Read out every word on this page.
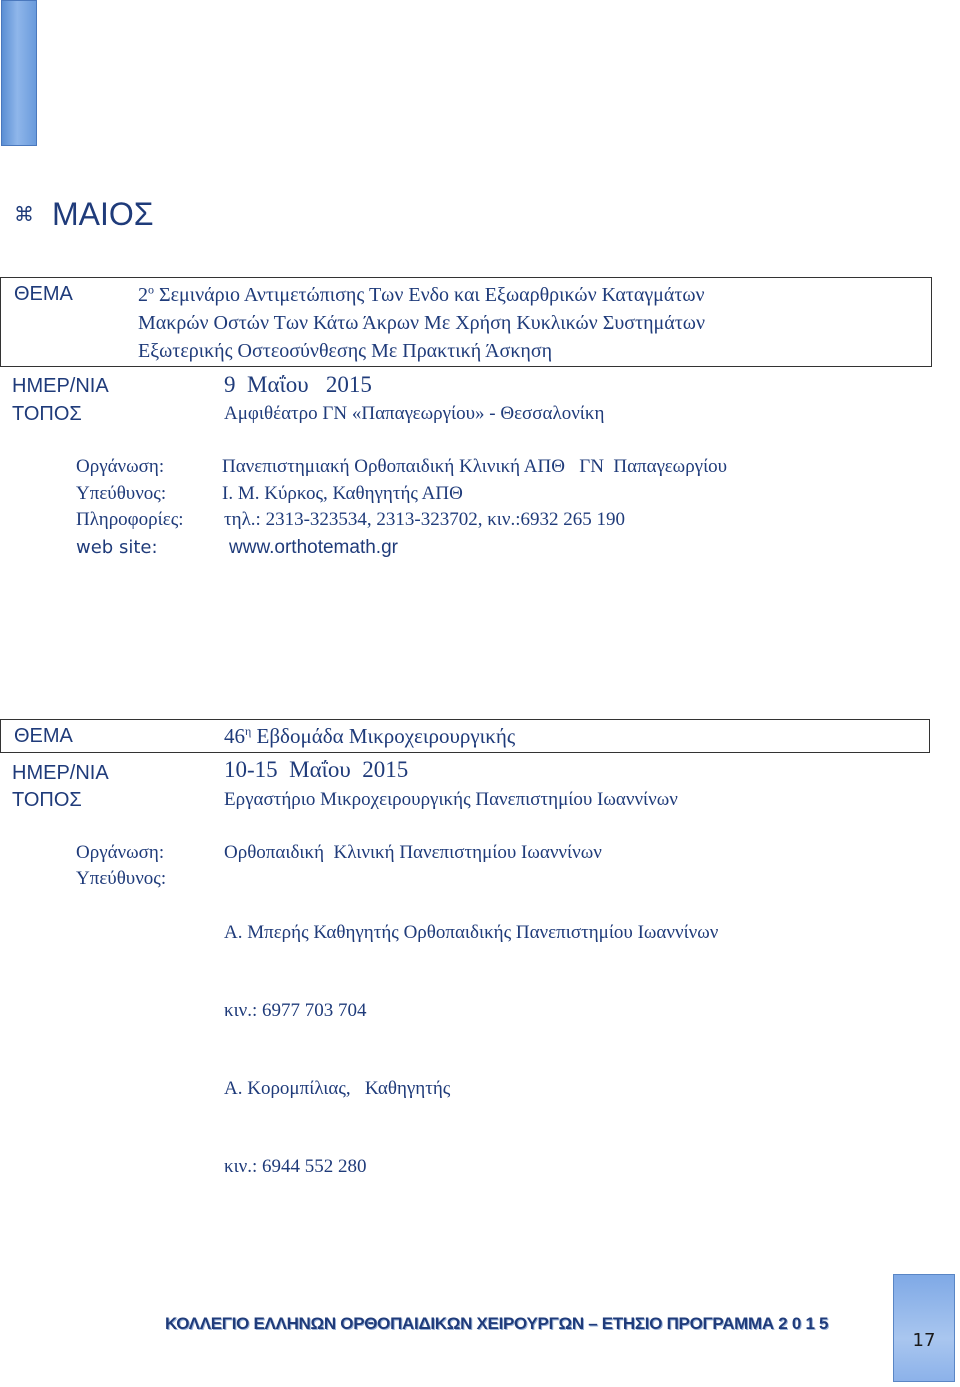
⌘ ΜΑΙΟΣ
ΘΕΜΑ	$2^o$ Σεμινάριο Αντιμετώπισης Των Ενδο και Εξωαρθρικών Καταγμάτων
Μακρών Οστών Των Κάτω Άκρων Με Χρήση Κυκλικών Συστημάτων
Εξωτερικής Οστεοσύνθεσης Με Πρακτική Άσκηση
ΗΜΕΡ/ΝΙΑ	9  Μαΐου   2015
ΤΟΠΟΣ	Αμφιθέατρο ΓΝ «Παπαγεωργίου» - Θεσσαλονίκη
Οργάνωση:	Πανεπιστημιακή Ορθοπαιδική Κλινική ΑΠΘ   ΓΝ  Παπαγεωργίου
Υπεύθυνος:	Ι. Μ. Κύρκος, Καθηγητής ΑΠΘ
Πληροφορίες: τηλ.: 2313-323534, 2313-323702, κιν.:6932 265 190
web site:	www.orthotemath.gr
ΘΕΜΑ	$46^\eta$ Εβδομάδα Μικροχειρουργικής
ΗΜΕΡ/ΝΙΑ	10-15  Μαΐου  2015
ΤΟΠΟΣ	Εργαστήριο Μικροχειρουργικής Πανεπιστημίου Ιωαννίνων
Οργάνωση:	Ορθοπαιδική  Κλινική Πανεπιστημίου Ιωαννίνων
Υπεύθυνος:

Α. Μπερής Καθηγητής Ορθοπαιδικής Πανεπιστημίου Ιωαννίνων

κιν.: 6977 703 704

Α. Κορομπίλιας,   Καθηγητής

κιν.: 6944 552 280

ΚΟΛΛΕΓΙΟ ΕΛΛΗΝΩΝ ΟΡΘΟΠΑΙΔΙΚΩΝ ΧΕΙΡΟΥΡΓΩΝ – ΕΤΗΣΙΟ ΠΡΟΓΡΑΜΜΑ 2 0 1 5
17
